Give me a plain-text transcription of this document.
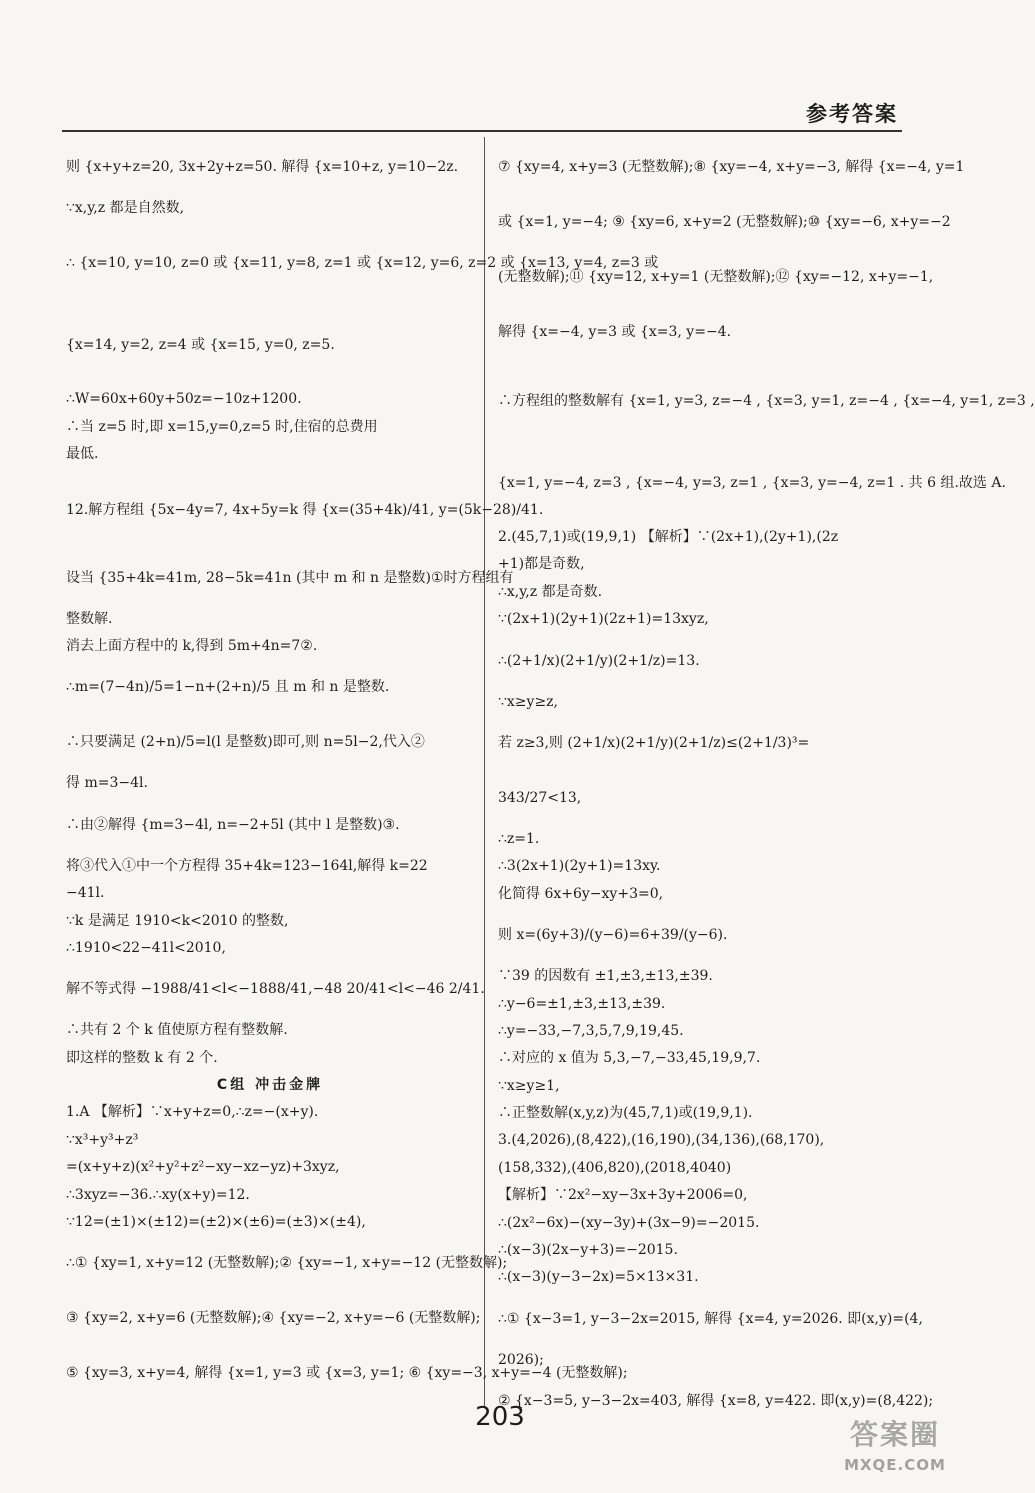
参考答案
则 {x+y+z=20, 3x+2y+z=50. 解得 {x=10+z, y=10−2z.
∵x,y,z 都是自然数,
∴ {x=10, y=10, z=0 或 {x=11, y=8, z=1 或 {x=12, y=6, z=2 或 {x=13, y=4, z=3 或
{x=14, y=2, z=4 或 {x=15, y=0, z=5.
∴W=60x+60y+50z=−10z+1200.
∴当 z=5 时,即 x=15,y=0,z=5 时,住宿的总费用
最低.
12.解方程组 {5x−4y=7, 4x+5y=k 得 {x=(35+4k)/41, y=(5k−28)/41.
设当 {35+4k=41m, 28−5k=41n (其中 m 和 n 是整数)①时方程组有
整数解.
消去上面方程中的 k,得到 5m+4n=7②.
∴m=(7−4n)/5=1−n+(2+n)/5 且 m 和 n 是整数.
∴只要满足 (2+n)/5=l(l 是整数)即可,则 n=5l−2,代入②
得 m=3−4l.
∴由②解得 {m=3−4l, n=−2+5l (其中 l 是整数)③.
将③代入①中一个方程得 35+4k=123−164l,解得 k=22
−41l.
∵k 是满足 1910<k<2010 的整数,
∴1910<22−41l<2010,
解不等式得 −1988/41<l<−1888/41,−48 20/41<l<−46 2/41.
∴共有 2 个 k 值使原方程有整数解.
即这样的整数 k 有 2 个.
C组 冲击金牌
1.A 【解析】∵x+y+z=0,∴z=−(x+y).
∵x³+y³+z³
=(x+y+z)(x²+y²+z²−xy−xz−yz)+3xyz,
∴3xyz=−36.∴xy(x+y)=12.
∵12=(±1)×(±12)=(±2)×(±6)=(±3)×(±4),
∴① {xy=1, x+y=12 (无整数解);② {xy=−1, x+y=−12 (无整数解);
③ {xy=2, x+y=6 (无整数解);④ {xy=−2, x+y=−6 (无整数解);
⑤ {xy=3, x+y=4, 解得 {x=1, y=3 或 {x=3, y=1; ⑥ {xy=−3, x+y=−4 (无整数解);
⑦ {xy=4, x+y=3 (无整数解);⑧ {xy=−4, x+y=−3, 解得 {x=−4, y=1
或 {x=1, y=−4; ⑨ {xy=6, x+y=2 (无整数解);⑩ {xy=−6, x+y=−2
(无整数解);⑪ {xy=12, x+y=1 (无整数解);⑫ {xy=−12, x+y=−1,
解得 {x=−4, y=3 或 {x=3, y=−4.
∴方程组的整数解有 {x=1, y=3, z=−4 , {x=3, y=1, z=−4 , {x=−4, y=1, z=3 ,
{x=1, y=−4, z=3 , {x=−4, y=3, z=1 , {x=3, y=−4, z=1 . 共 6 组.故选 A.
2.(45,7,1)或(19,9,1) 【解析】∵(2x+1),(2y+1),(2z
+1)都是奇数,
∴x,y,z 都是奇数.
∵(2x+1)(2y+1)(2z+1)=13xyz,
∴(2+1/x)(2+1/y)(2+1/z)=13.
∵x≥y≥z,
若 z≥3,则 (2+1/x)(2+1/y)(2+1/z)≤(2+1/3)³=
343/27<13,
∴z=1.
∴3(2x+1)(2y+1)=13xy.
化简得 6x+6y−xy+3=0,
则 x=(6y+3)/(y−6)=6+39/(y−6).
∵39 的因数有 ±1,±3,±13,±39.
∴y−6=±1,±3,±13,±39.
∴y=−33,−7,3,5,7,9,19,45.
∴对应的 x 值为 5,3,−7,−33,45,19,9,7.
∵x≥y≥1,
∴正整数解(x,y,z)为(45,7,1)或(19,9,1).
3.(4,2026),(8,422),(16,190),(34,136),(68,170),
(158,332),(406,820),(2018,4040)
【解析】∵2x²−xy−3x+3y+2006=0,
∴(2x²−6x)−(xy−3y)+(3x−9)=−2015.
∴(x−3)(2x−y+3)=−2015.
∴(x−3)(y−3−2x)=5×13×31.
∴① {x−3=1, y−3−2x=2015, 解得 {x=4, y=2026. 即(x,y)=(4,
2026);
② {x−3=5, y−3−2x=403, 解得 {x=8, y=422. 即(x,y)=(8,422);
203
答案圈
MXQE.COM
